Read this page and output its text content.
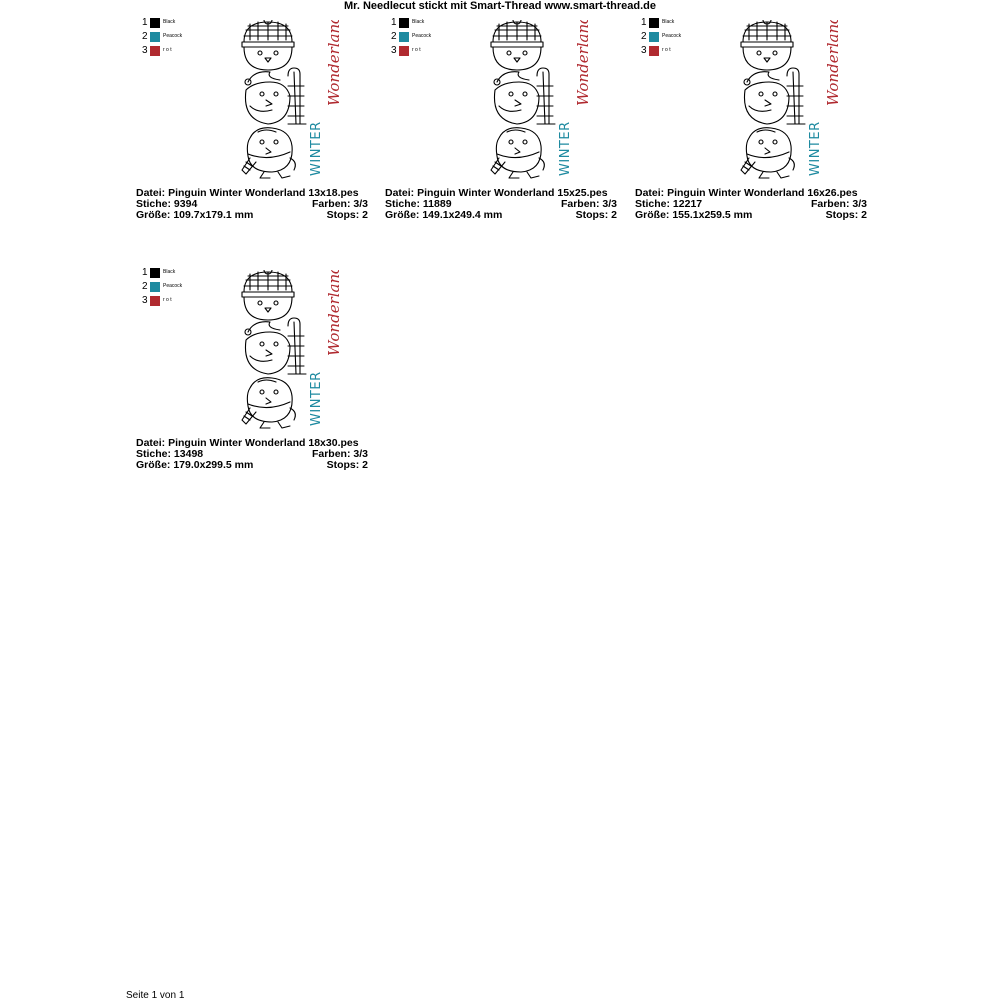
Mr. Needlecut stickt mit Smart-Thread www.smart-thread.de
1	Black
2	Peacock
3	r o t
WINTER
Wonderland
Datei: Pinguin Winter Wonderland 13x18.pes
Stiche: 9394	Farben: 3/3
Größe: 109.7x179.1 mm	Stops: 2
1	Black
2	Peacock
3	r o t
WINTER
Wonderland
Datei: Pinguin Winter Wonderland 15x25.pes
Stiche: 11889	Farben: 3/3
Größe: 149.1x249.4 mm	Stops: 2
1	Black
2	Peacock
3	r o t
WINTER
Wonderland
Datei: Pinguin Winter Wonderland 16x26.pes
Stiche: 12217	Farben: 3/3
Größe: 155.1x259.5 mm	Stops: 2
1	Black
2	Peacock
3	r o t
WINTER
Wonderland
Datei: Pinguin Winter Wonderland 18x30.pes
Stiche: 13498	Farben: 3/3
Größe: 179.0x299.5 mm	Stops: 2
Seite 1 von 1
